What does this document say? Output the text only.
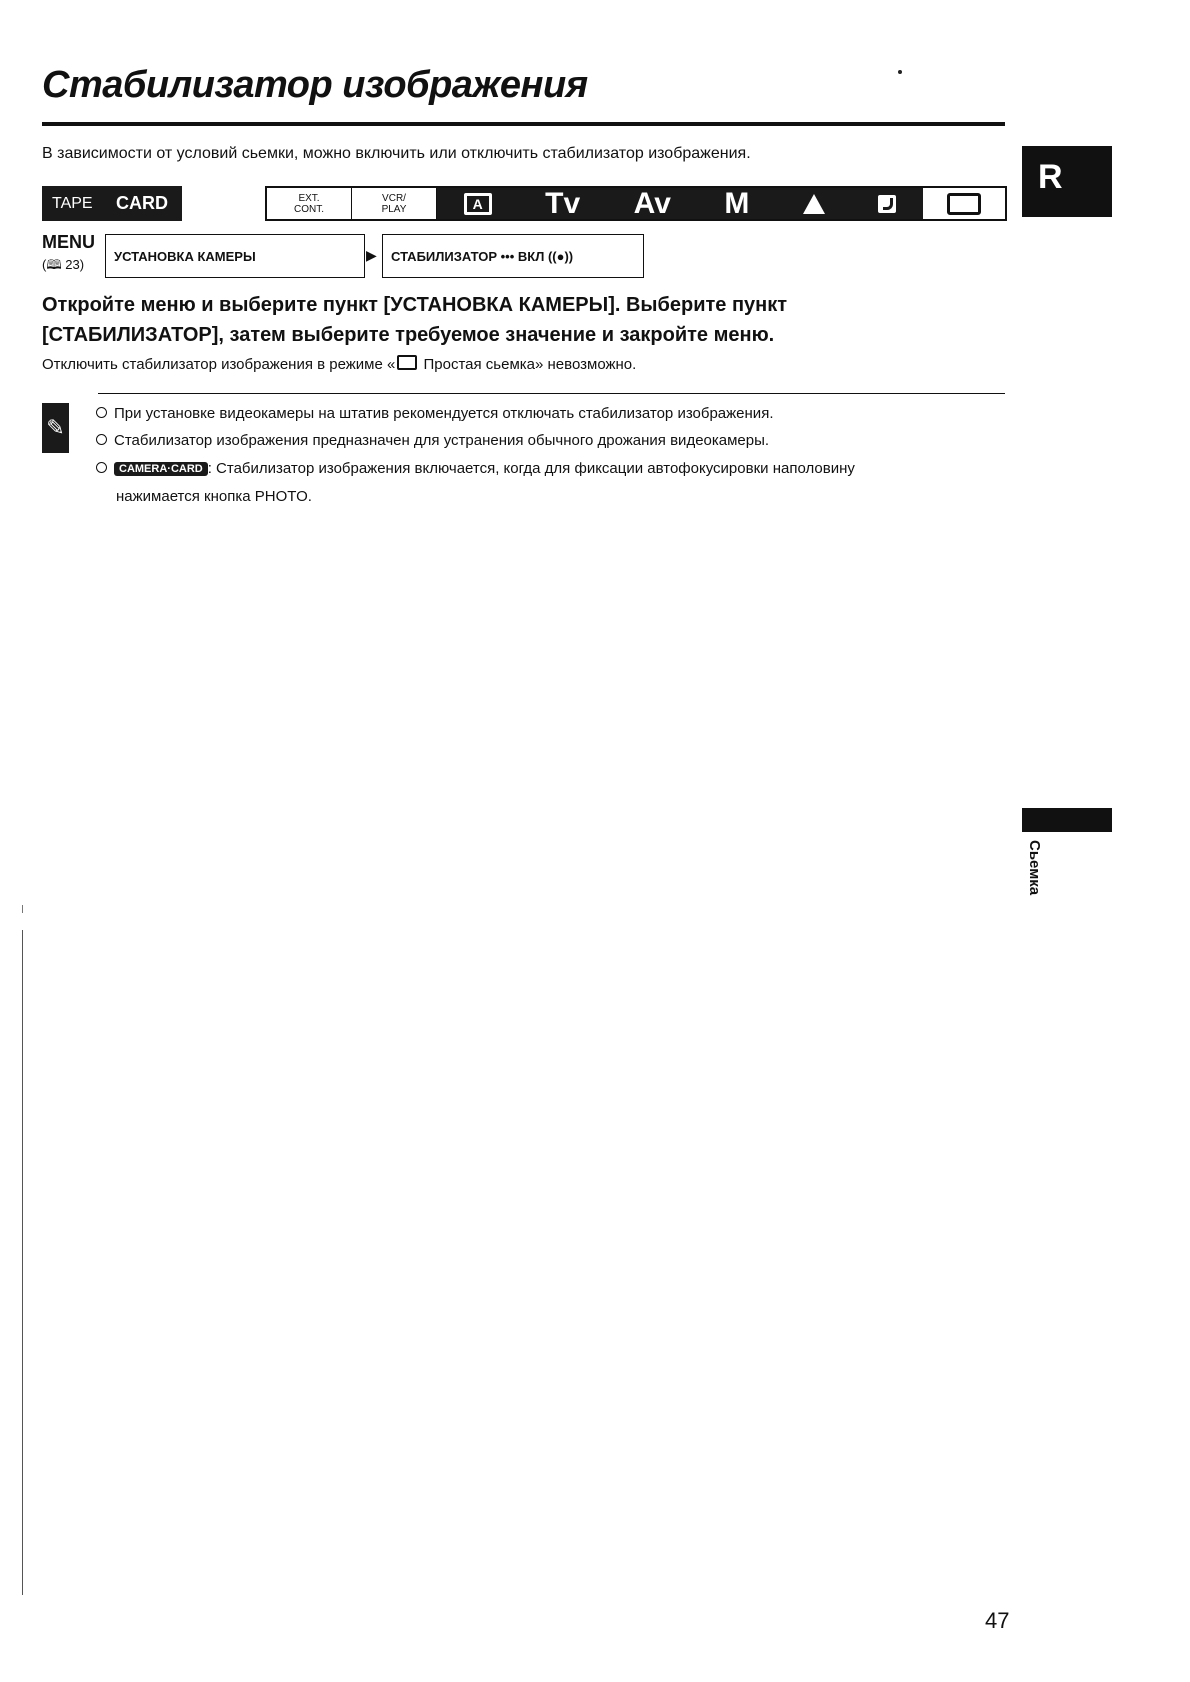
Стабилизатор изображения
В зависимости от условий сьемки, можно включить или отключить стабилизатор изображения.
R
TAPE	CARD	EXT.
CONT.
VCR/
PLAY	A Tv Av M
MENU
(🕮 23)
УСТАНОВКА КАМЕРЫ	▶	СТАБИЛИЗАТОР ••• ВКЛ ((●))
Откройте меню и выберите пункт [УСТАНОВКА КАМЕРЫ]. Выберите пункт [СТАБИЛИЗАТОР], затем выберите требуемое значение и закройте меню.
Отключить стабилизатор изображения в режиме « Простая сьемка» невозможно.
✎
При установке видеокамеры на штатив рекомендуется отключать стабилизатор изображения.
Стабилизатор изображения предназначен для устранения обычного дрожания видеокамеры.
CAMERA·CARD : Стабилизатор изображения включается, когда для фиксации автофокусировки наполовину
нажимается кнопка PHOTO.
Сьемка
47
